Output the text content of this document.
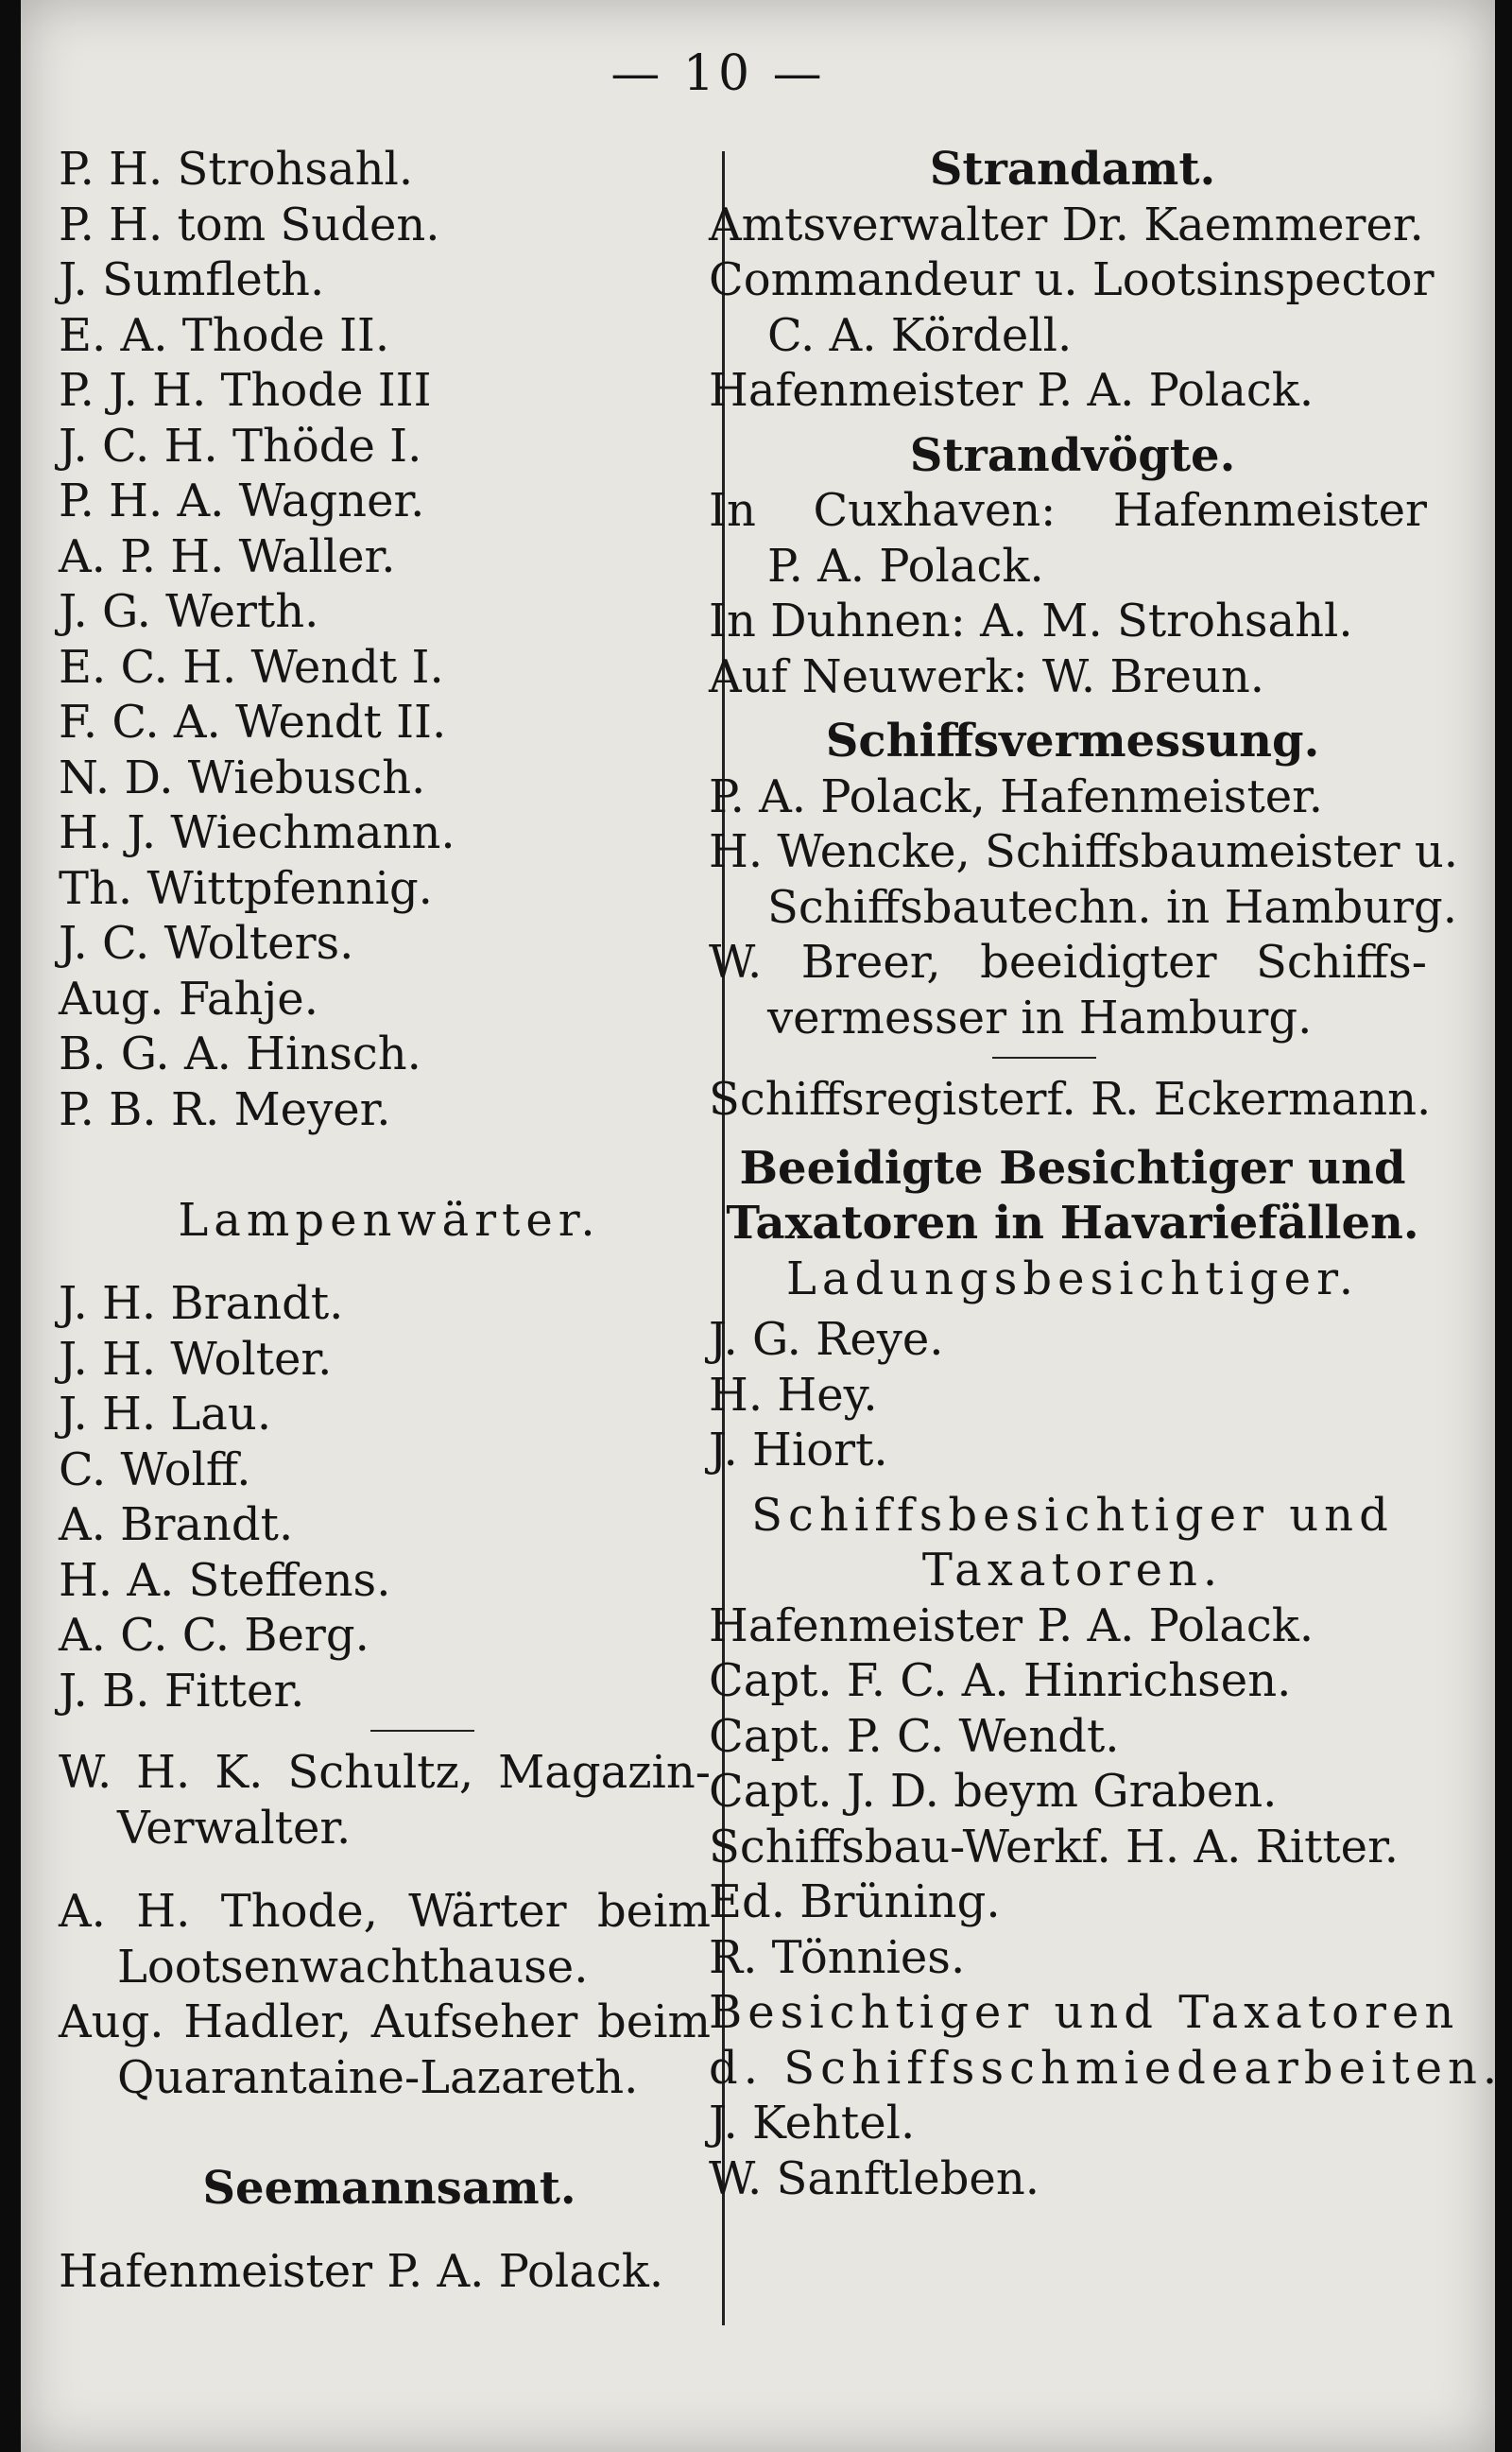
— 10 —
P. H. Strohsahl.
P. H. tom Suden.
J. Sumfleth.
E. A. Thode II.
P. J. H. Thode III
J. C. H. Thöde I.
P. H. A. Wagner.
A. P. H. Waller.
J. G. Werth.
E. C. H. Wendt I.
F. C. A. Wendt II.
N. D. Wiebusch.
H. J. Wiechmann.
Th. Wittpfennig.
J. C. Wolters.
Aug. Fahje.
B. G. A. Hinsch.
P. B. R. Meyer.
Lampenwärter.
J. H. Brandt.
J. H. Wolter.
J. H. Lau.
C. Wolff.
A. Brandt.
H. A. Steffens.
A. C. C. Berg.
J. B. Fitter.
W. H. K. Schultz, Magazin-
Verwalter.
A. H. Thode, Wärter beim
Lootsenwachthause.
Aug. Hadler, Aufseher beim
Quarantaine-Lazareth.
Seemannsamt.
Hafenmeister P. A. Polack.
Strandamt.
Amtsverwalter Dr. Kaemmerer.
Commandeur u. Lootsinspector
C. A. Kördell.
Hafenmeister P. A. Polack.
Strandvögte.
In Cuxhaven: Hafenmeister
P. A. Polack.
In Duhnen: A. M. Strohsahl.
Auf Neuwerk: W. Breun.
Schiffsvermessung.
P. A. Polack, Hafenmeister.
H. Wencke, Schiffsbaumeister u.
Schiffsbautechn. in Hamburg.
W. Breer, beeidigter Schiffs-
vermesser in Hamburg.
Schiffsregisterf. R. Eckermann.
Beeidigte Besichtiger und
Taxatoren in Havariefällen.
Ladungsbesichtiger.
J. G. Reye.
H. Hey.
J. Hiort.
Schiffsbesichtiger und
Taxatoren.
Hafenmeister P. A. Polack.
Capt. F. C. A. Hinrichsen.
Capt. P. C. Wendt.
Capt. J. D. beym Graben.
Schiffsbau-Werkf. H. A. Ritter.
Ed. Brüning.
R. Tönnies.
Besichtiger und Taxatoren
d. Schiffsschmiedearbeiten.
J. Kehtel.
W. Sanftleben.
